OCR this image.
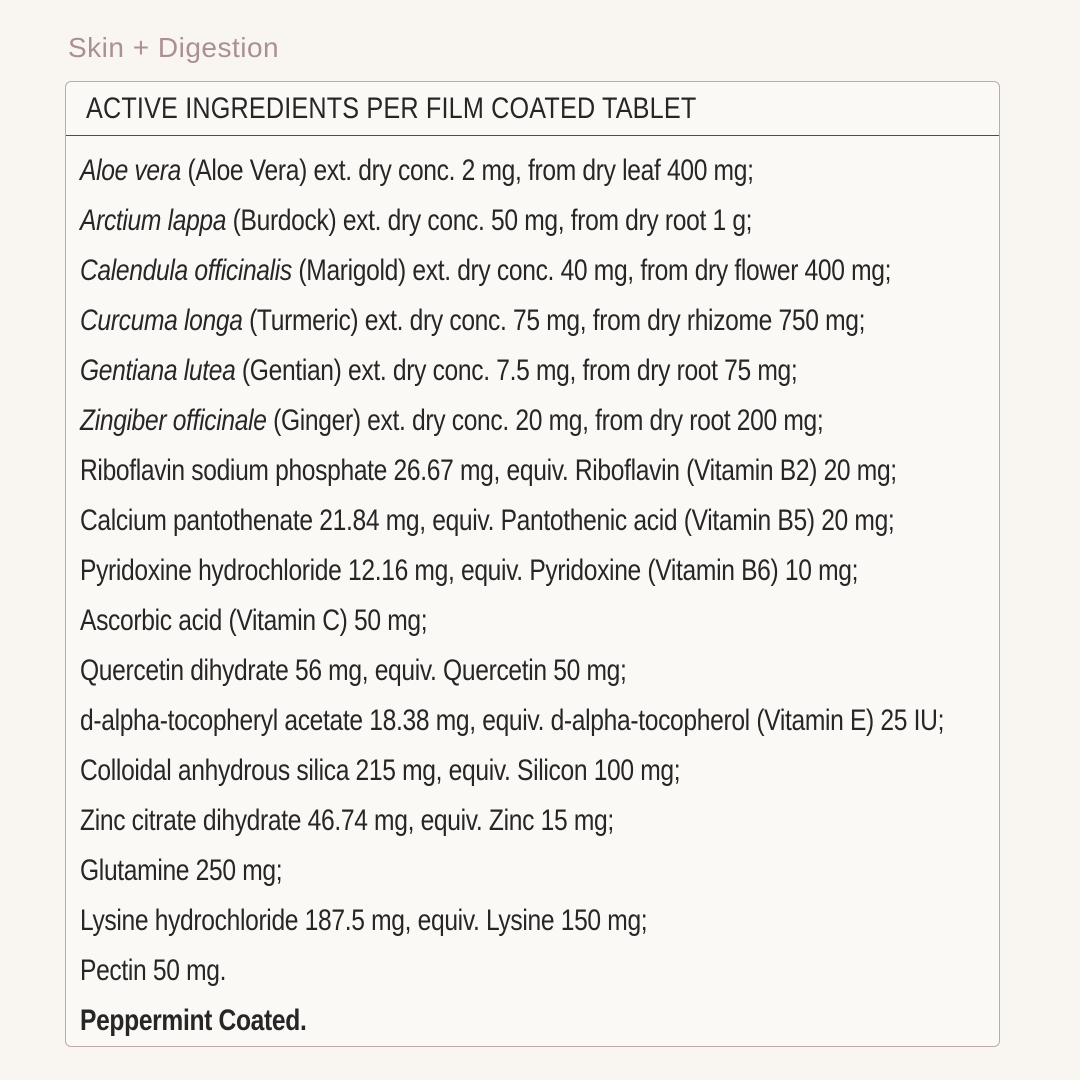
Skin + Digestion
ACTIVE INGREDIENTS PER FILM COATED TABLET
Aloe vera (Aloe Vera) ext. dry conc. 2 mg, from dry leaf 400 mg;
Arctium lappa (Burdock) ext. dry conc. 50 mg, from dry root 1 g;
Calendula officinalis (Marigold) ext. dry conc. 40 mg, from dry flower 400 mg;
Curcuma longa (Turmeric) ext. dry conc. 75 mg, from dry rhizome 750 mg;
Gentiana lutea (Gentian) ext. dry conc. 7.5 mg, from dry root 75 mg;
Zingiber officinale (Ginger) ext. dry conc. 20 mg, from dry root 200 mg;
Riboflavin sodium phosphate 26.67 mg, equiv. Riboflavin (Vitamin B2) 20 mg;
Calcium pantothenate 21.84 mg, equiv. Pantothenic acid (Vitamin B5) 20 mg;
Pyridoxine hydrochloride 12.16 mg, equiv. Pyridoxine (Vitamin B6) 10 mg;
Ascorbic acid (Vitamin C) 50 mg;
Quercetin dihydrate 56 mg, equiv. Quercetin 50 mg;
d-alpha-tocopheryl acetate 18.38 mg, equiv. d-alpha-tocopherol (Vitamin E) 25 IU;
Colloidal anhydrous silica 215 mg, equiv. Silicon 100 mg;
Zinc citrate dihydrate 46.74 mg, equiv. Zinc 15 mg;
Glutamine 250 mg;
Lysine hydrochloride 187.5 mg, equiv. Lysine 150 mg;
Pectin 50 mg.
Peppermint Coated.
